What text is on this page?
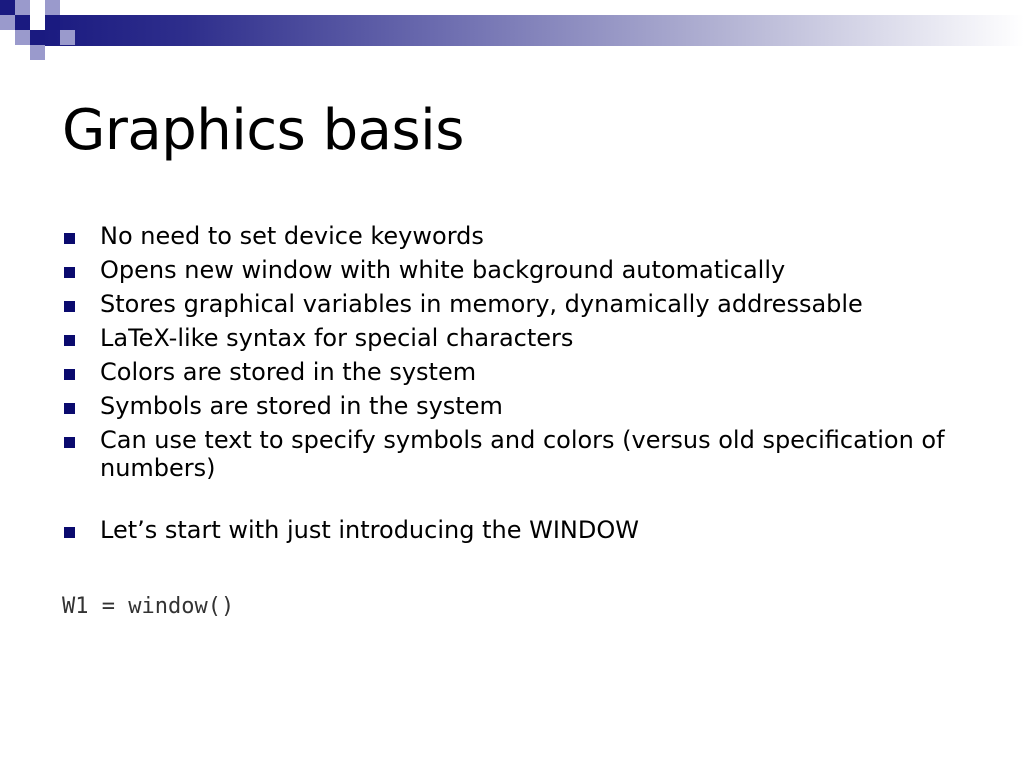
Graphics basis
No need to set device keywords
Opens new window with white background automatically
Stores graphical variables in memory, dynamically addressable
LaTeX-like syntax for special characters
Colors are stored in the system
Symbols are stored in the system
Can use text to specify symbols and colors (versus old specification of numbers)
Let’s start with just introducing the WINDOW
W1 = window()
